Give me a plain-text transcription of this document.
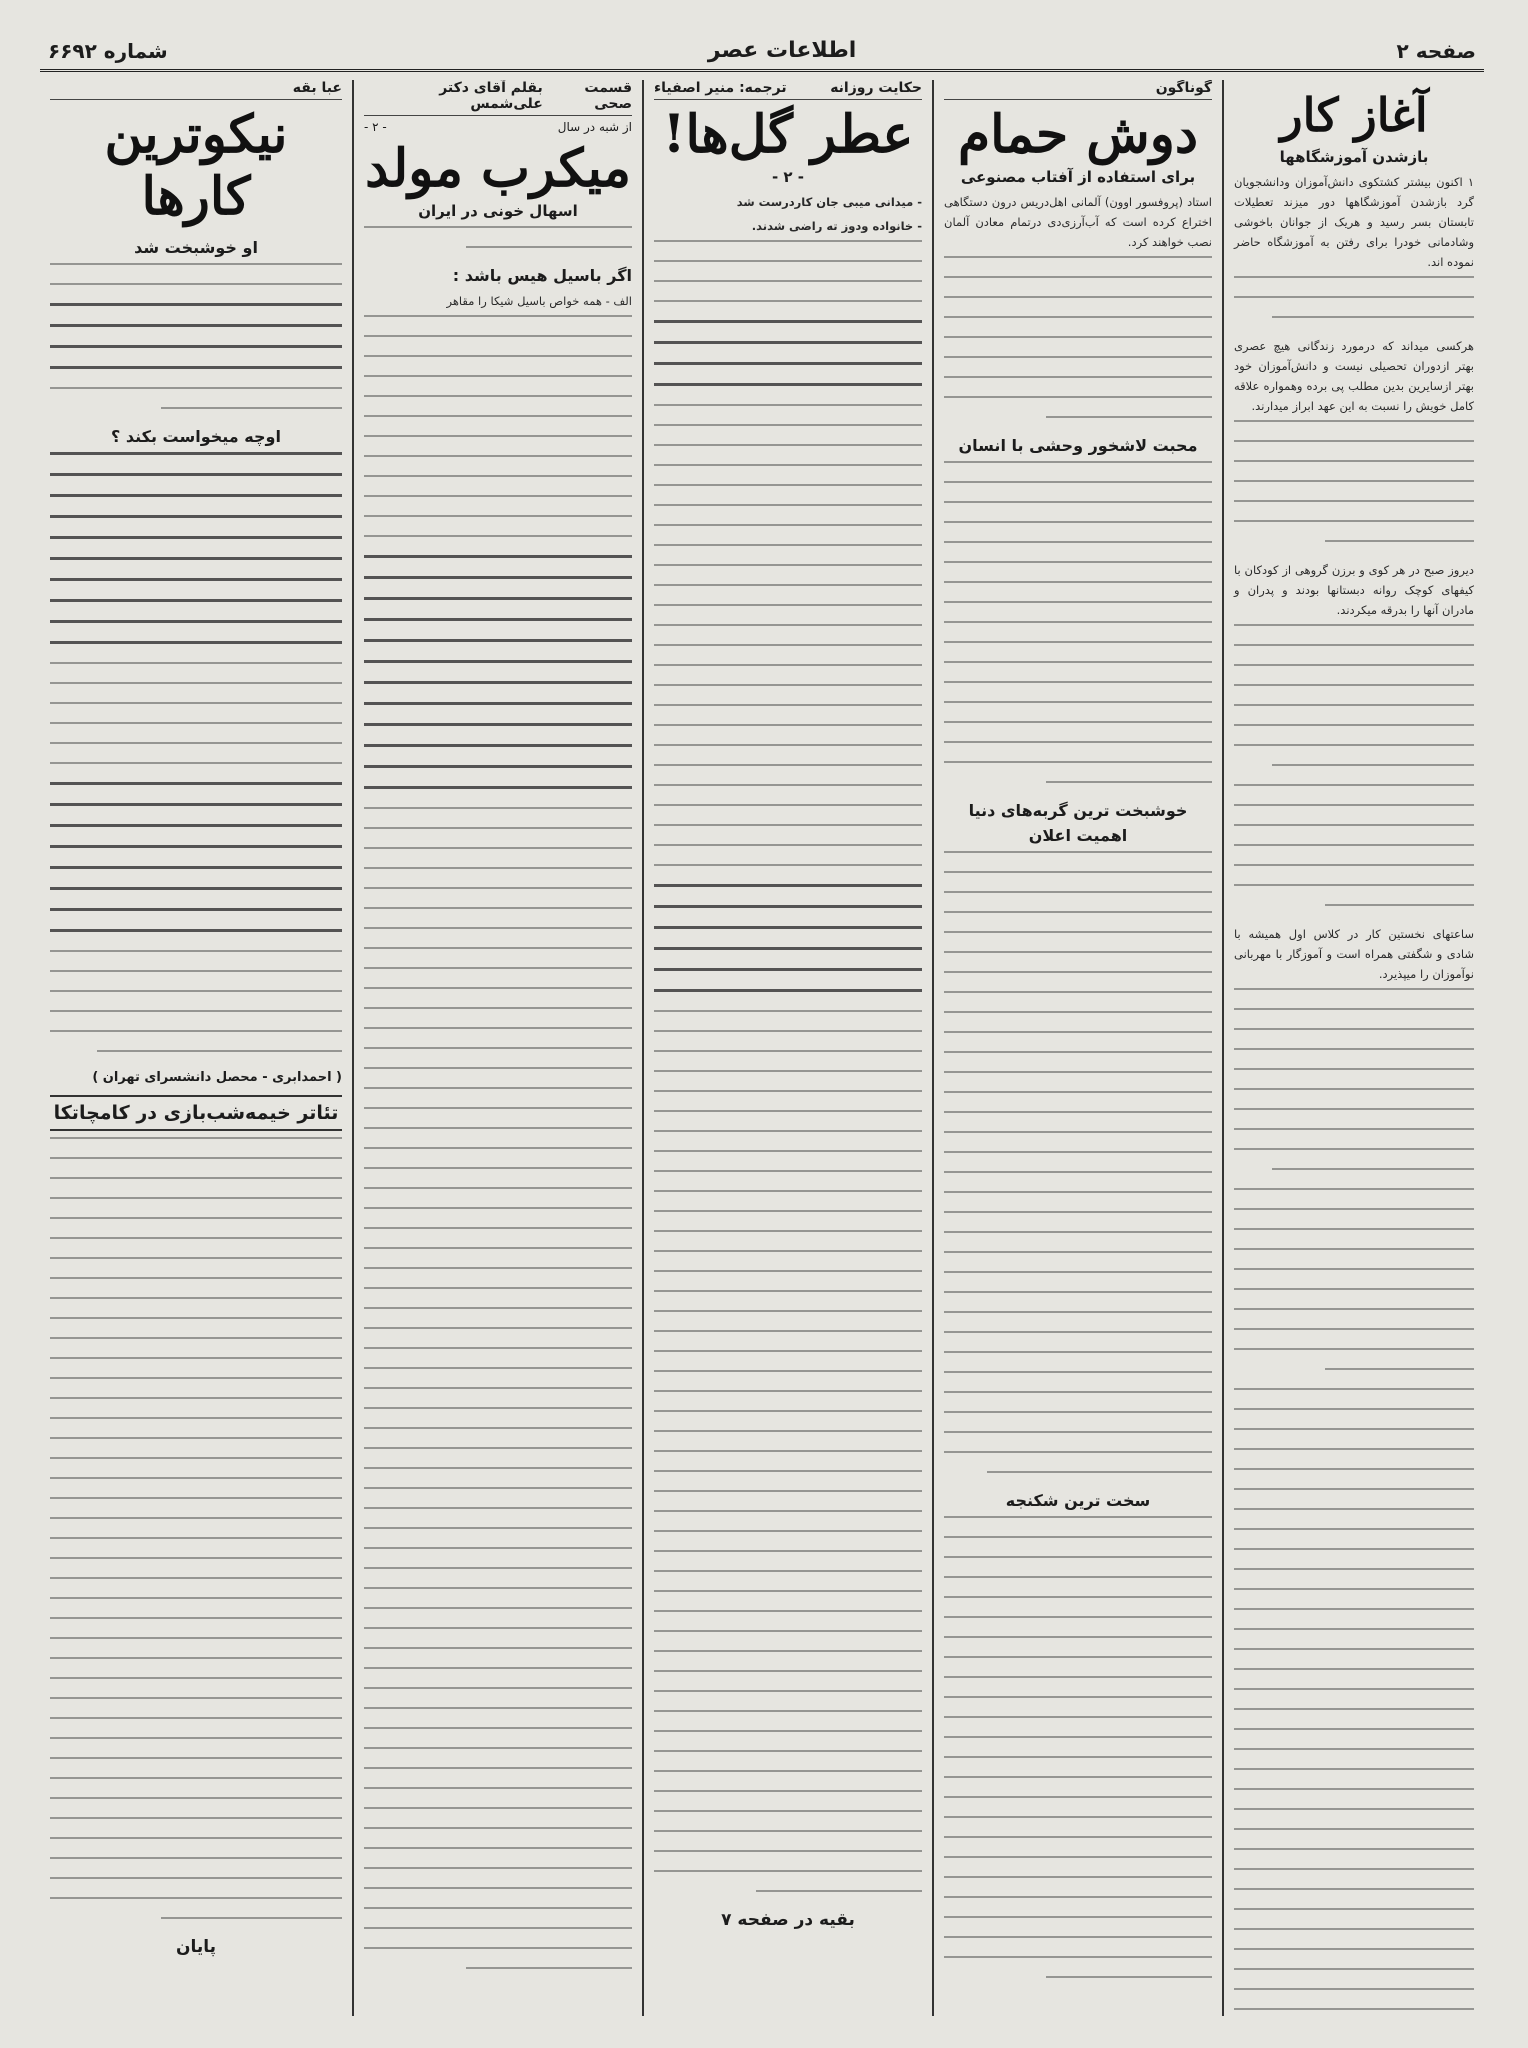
صفحه ۲
اطلاعات عصر
شماره ۶۶۹۲
آغاز کار
بازشدن آموزشگاهها

۱ اکنون بیشتر کشتکوی دانش‌آموزان ودانشجویان گرد بازشدن آموزشگاهها دور میزند تعطیلات تابستان بسر رسید و هریک از جوانان باخوشی وشادمانی خودرا برای رفتن به آموزشگاه حاضر نموده اند.

هرکسی میداند که درمورد زندگانی هیچ عصری بهتر ازدوران تحصیلی نیست و دانش‌آموزان خود بهتر ازسایرین بدین مطلب پی برده وهمواره علاقه کامل خویش را نسبت به این عهد ابراز میدارند.

دیروز صبح در هر کوی و برزن گروهی از کودکان با کیفهای کوچک روانه دبستانها بودند و پدران و مادران آنها را بدرقه میکردند.

ساعتهای نخستین کار در کلاس اول همیشه با شادی و شگفتی همراه است و آموزگار با مهربانی نوآموزان را میپذیرد.

گوناگون
دوش حمام
برای استفاده از آفتاب مصنوعی

استاد (پروفسور اوون) آلمانی اهل‌دریس درون دستگاهی اختراع کرده است که آب‌آرزی‌دی درتمام معادن آلمان نصب خواهند کرد.

محبت لاشخور وحشی با انسان
خوشبخت ترین گربه‌های دنیا
اهمیت اعلان
سخت ترین شکنجه
حکایت روزانه
ترجمه: منیر اصفیاء
عطر گل‌ها!
- ۲ -

- میدانی میبی جان کاردرست شد

- خانواده ودوز ته راضی شدند.

بقیه در صفحه ۷
قسمت صحی
بقلم آقای دکتر علی‌شمس
از شبه در سال
- ۲ -
میکرب مولد
اسهال خونی در ایران
اگر باسیل هیس باشد :

الف - همه خواص باسیل شیکا را مقاهر

عبا بقه
نیکوترین کارها
او خوشبخت شد
اوچه میخواست بکند ؟
( احمدابری - محصل دانشسرای تهران )
تئاتر خیمه‌شب‌بازی در کامچاتکا
پایان
